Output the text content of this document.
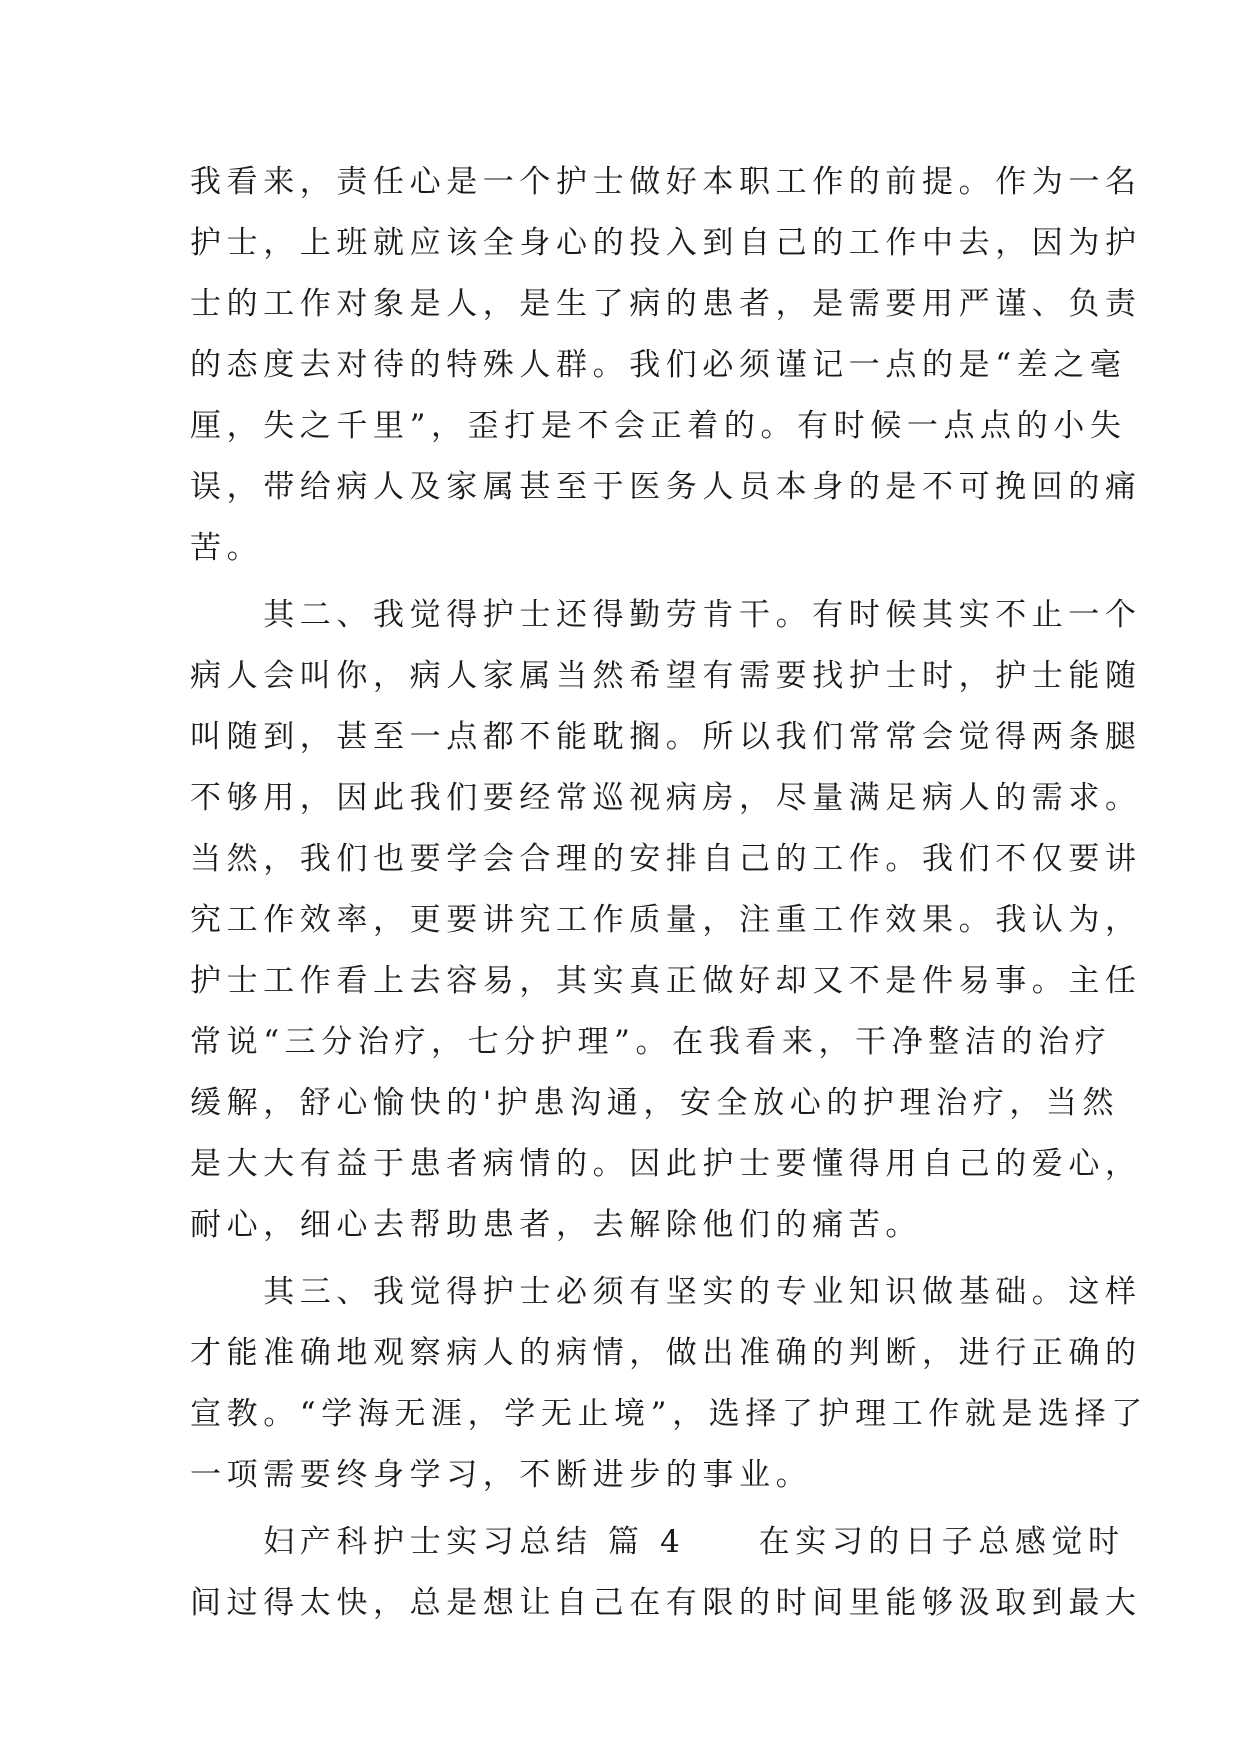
我看来，责任心是一个护士做好本职工作的前提。作为一名
护士，上班就应该全身心的投入到自己的工作中去，因为护
士的工作对象是人，是生了病的患者，是需要用严谨、负责
的态度去对待的特殊人群。我们必须谨记一点的是“差之毫
厘，失之千里”，歪打是不会正着的。有时候一点点的小失
误，带给病人及家属甚至于医务人员本身的是不可挽回的痛
苦。
　　其二、我觉得护士还得勤劳肯干。有时候其实不止一个
病人会叫你，病人家属当然希望有需要找护士时，护士能随
叫随到，甚至一点都不能耽搁。所以我们常常会觉得两条腿
不够用，因此我们要经常巡视病房，尽量满足病人的需求。
当然，我们也要学会合理的安排自己的工作。我们不仅要讲
究工作效率，更要讲究工作质量，注重工作效果。我认为，
护士工作看上去容易，其实真正做好却又不是件易事。主任
常说“三分治疗，七分护理”。在我看来，干净整洁的治疗
缓解，舒心愉快的'护患沟通，安全放心的护理治疗，当然
是大大有益于患者病情的。因此护士要懂得用自己的爱心，
耐心，细心去帮助患者，去解除他们的痛苦。
　　其三、我觉得护士必须有坚实的专业知识做基础。这样
才能准确地观察病人的病情，做出准确的判断，进行正确的
宣教。“学海无涯，学无止境”，选择了护理工作就是选择了
一项需要终身学习，不断进步的事业。
　　妇产科护士实习总结 篇 4　　在实习的日子总感觉时
间过得太快，总是想让自己在有限的时间里能够汲取到最大
